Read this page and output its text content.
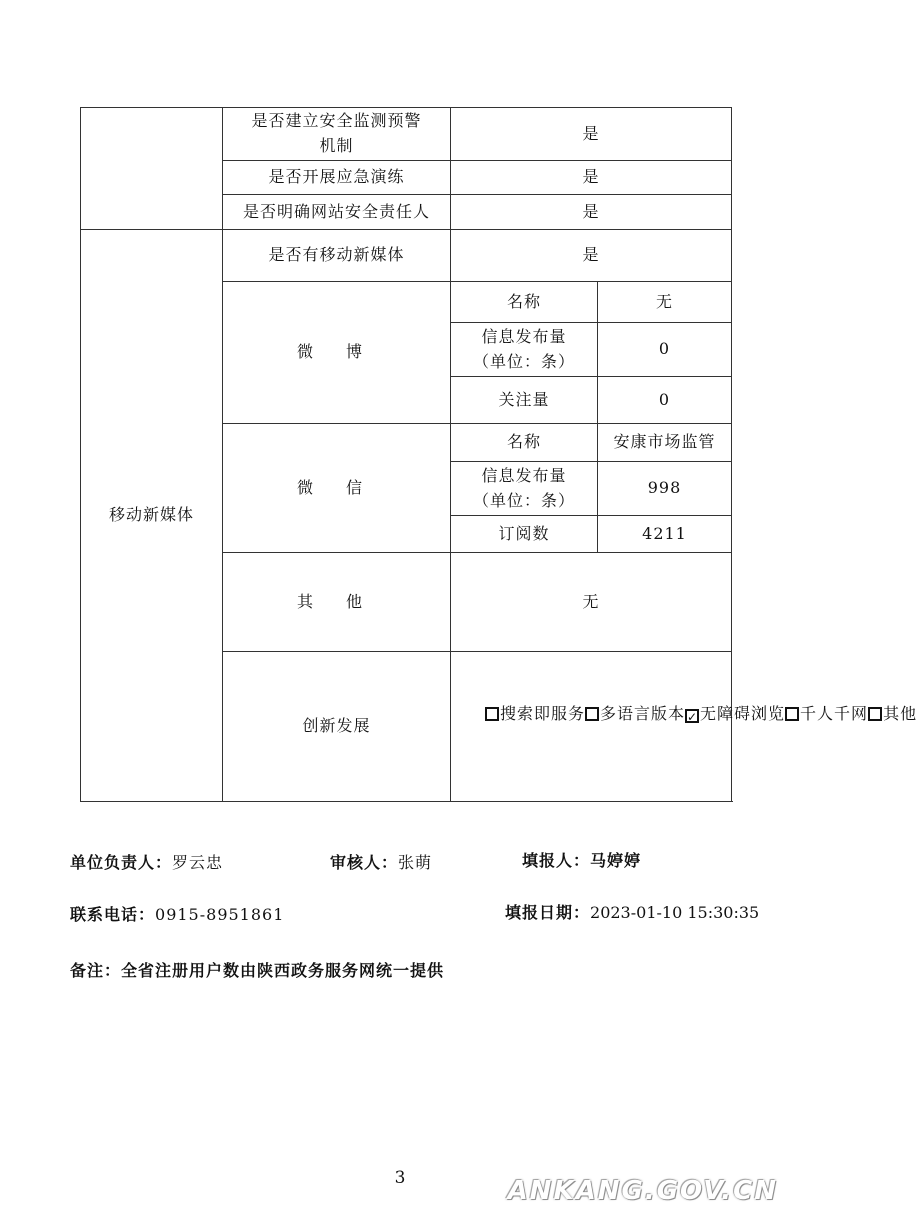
	是否建立安全监测预警机制	是	
	是否开展应急演练	是	
	是否明确网站安全责任人	是	
移动新媒体	是否有移动新媒体	是	
	微 博	名称	无
		信息发布量（单位：条）	0
		关注量	0
	微 信	名称	安康市场监管
		信息发布量（单位：条）	998
		订阅数	4211
	其 他	无	
	创新发展	搜索即服务 多语言版本 ✓ 无障碍浏览 千人千网 其他	
单位负责人：罗云忠	审核人：张萌	填报人：马婷婷
联系电话：0915-8951861	填报日期：2023-01-10 15:30:35
备注：全省注册用户数由陕西政务服务网统一提供
3	ANKANG.GOV.CN
